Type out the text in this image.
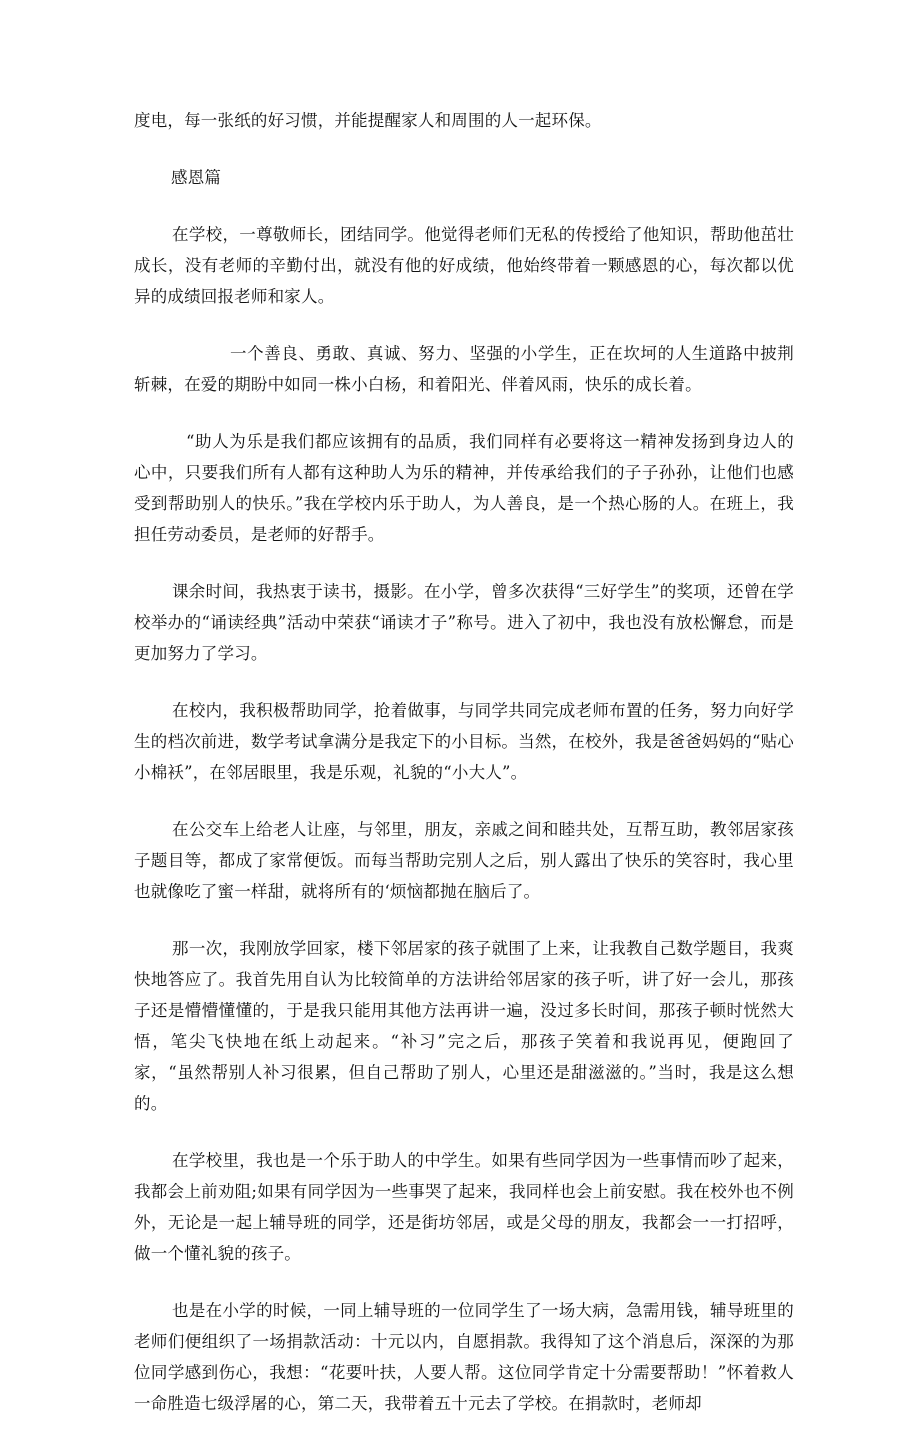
度电，每一张纸的好习惯，并能提醒家人和周围的人一起环保。

感恩篇

在学校，一尊敬师长，团结同学。他觉得老师们无私的传授给了他知识，帮助他茁壮成长，没有老师的辛勤付出，就没有他的好成绩，他始终带着一颗感恩的心，每次都以优异的成绩回报老师和家人。

一个善良、勇敢、真诚、努力、坚强的小学生，正在坎坷的人生道路中披荆斩棘，在爱的期盼中如同一株小白杨，和着阳光、伴着风雨，快乐的成长着。

“助人为乐是我们都应该拥有的品质，我们同样有必要将这一精神发扬到身边人的心中，只要我们所有人都有这种助人为乐的精神，并传承给我们的子子孙孙，让他们也感受到帮助别人的快乐。”我在学校内乐于助人，为人善良，是一个热心肠的人。在班上，我担任劳动委员，是老师的好帮手。

课余时间，我热衷于读书，摄影。在小学，曾多次获得“三好学生”的奖项，还曾在学校举办的“诵读经典”活动中荣获“诵读才子”称号。进入了初中，我也没有放松懈怠，而是更加努力了学习。

在校内，我积极帮助同学，抢着做事，与同学共同完成老师布置的任务，努力向好学生的档次前进，数学考试拿满分是我定下的小目标。当然，在校外，我是爸爸妈妈的“贴心小棉袄”，在邻居眼里，我是乐观，礼貌的“小大人”。

在公交车上给老人让座，与邻里，朋友，亲戚之间和睦共处，互帮互助，教邻居家孩子题目等，都成了家常便饭。而每当帮助完别人之后，别人露出了快乐的笑容时，我心里也就像吃了蜜一样甜，就将所有的‘烦恼都抛在脑后了。

那一次，我刚放学回家，楼下邻居家的孩子就围了上来，让我教自己数学题目，我爽快地答应了。我首先用自认为比较简单的方法讲给邻居家的孩子听，讲了好一会儿，那孩子还是懵懵懂懂的，于是我只能用其他方法再讲一遍，没过多长时间，那孩子顿时恍然大悟，笔尖飞快地在纸上动起来。“补习”完之后，那孩子笑着和我说再见，便跑回了家，“虽然帮别人补习很累，但自己帮助了别人，心里还是甜滋滋的。”当时，我是这么想的。

在学校里，我也是一个乐于助人的中学生。如果有些同学因为一些事情而吵了起来，我都会上前劝阻;如果有同学因为一些事哭了起来，我同样也会上前安慰。我在校外也不例外，无论是一起上辅导班的同学，还是街坊邻居，或是父母的朋友，我都会一一打招呼，做一个懂礼貌的孩子。

也是在小学的时候，一同上辅导班的一位同学生了一场大病，急需用钱，辅导班里的老师们便组织了一场捐款活动：十元以内，自愿捐款。我得知了这个消息后，深深的为那位同学感到伤心，我想：“花要叶扶，人要人帮。这位同学肯定十分需要帮助！”怀着救人一命胜造七级浮屠的心，第二天，我带着五十元去了学校。在捐款时，老师却
